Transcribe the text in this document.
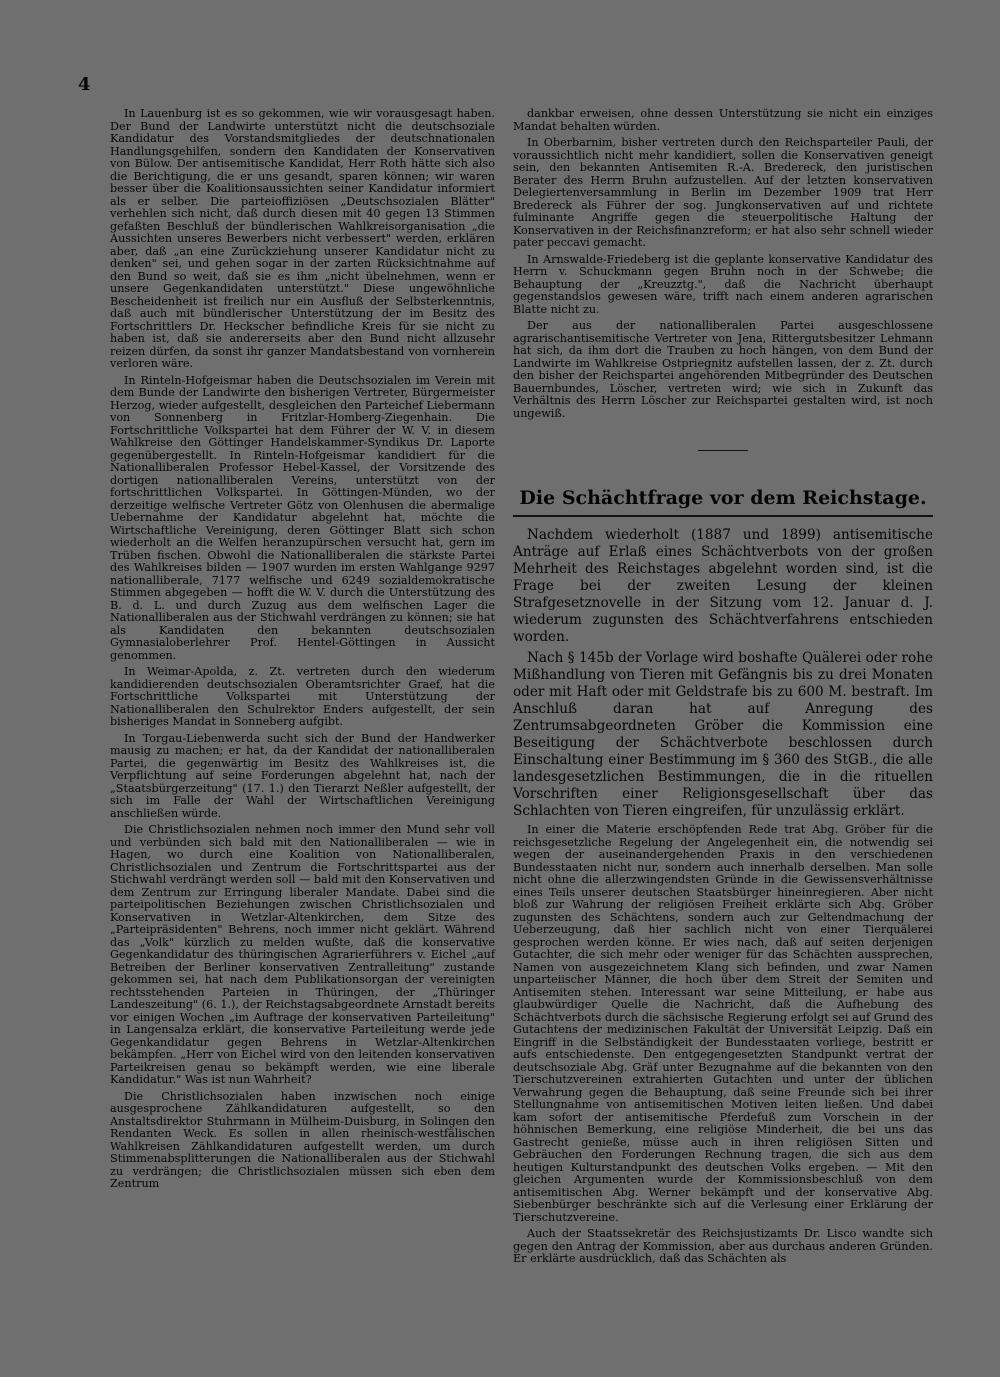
4

In Lauenburg ist es so gekommen, wie wir vorausgesagt haben. Der Bund der Landwirte unterstützt nicht die deutschsoziale Kandidatur des Vorstandsmitgliedes der deutschnationalen Handlungsgehilfen, sondern den Kandidaten der Konservativen von Bülow. Der antisemitische Kandidat, Herr Roth hätte sich also die Berichtigung, die er uns gesandt, sparen können; wir waren besser über die Koalitionsaussichten seiner Kandidatur informiert als er selber. Die parteioffiziösen „Deutschsozialen Blätter" verhehlen sich nicht, daß durch diesen mit 40 gegen 13 Stimmen gefaßten Beschluß der bündlerischen Wahlkreisorganisation „die Aussichten unseres Bewerbers nicht verbessert" werden, erklären aber, daß „an eine Zurückziehung unserer Kandidatur nicht zu denken" sei, und gehen sogar in der zarten Rücksichtnahme auf den Bund so weit, daß sie es ihm „nicht übelnehmen, wenn er unsere Gegenkandidaten unterstützt." Diese ungewöhnliche Bescheidenheit ist freilich nur ein Ausfluß der Selbsterkenntnis, daß auch mit bündlerischer Unterstützung der im Besitz des Fortschrittlers Dr. Heckscher befindliche Kreis für sie nicht zu haben ist, daß sie andererseits aber den Bund nicht allzusehr reizen dürfen, da sonst ihr ganzer Mandatsbestand von vornherein verloren wäre.

In Rinteln-Hofgeismar haben die Deutschsozialen im Verein mit dem Bunde der Landwirte den bisherigen Vertreter, Bürgermeister Herzog, wieder aufgestellt, desgleichen den Parteichef Liebermann von Sonnenberg in Fritzlar-Homberg-Ziegenhain. Die Fortschrittliche Volkspartei hat dem Führer der W. V. in diesem Wahlkreise den Göttinger Handelskammer-Syndikus Dr. Laporte gegenübergestellt. In Rinteln-Hofgeismar kandidiert für die Nationalliberalen Professor Hebel-Kassel, der Vorsitzende des dortigen nationalliberalen Vereins, unterstützt von der fortschrittlichen Volkspartei. In Göttingen-Münden, wo der derzeitige welfische Vertreter Götz von Olenhusen die abermalige Uebernahme der Kandidatur abgelehnt hat, möchte die Wirtschaftliche Vereinigung, deren Göttinger Blatt sich schon wiederholt an die Welfen heranzupürschen versucht hat, gern im Trüben fischen. Obwohl die Nationalliberalen die stärkste Partei des Wahlkreises bilden — 1907 wurden im ersten Wahlgange 9297 nationalliberale, 7177 welfische und 6249 sozialdemokratische Stimmen abgegeben — hofft die W. V. durch die Unterstützung des B. d. L. und durch Zuzug aus dem welfischen Lager die Nationalliberalen aus der Stichwahl verdrängen zu können; sie hat als Kandidaten den bekannten deutschsozialen Gymnasialoberlehrer Prof. Hentel-Göttingen in Aussicht genommen.

In Weimar-Apolda, z. Zt. vertreten durch den wiederum kandidierenden deutschsozialen Oberamtsrichter Graef, hat die Fortschrittliche Volkspartei mit Unterstützung der Nationalliberalen den Schulrektor Enders aufgestellt, der sein bisheriges Mandat in Sonneberg aufgibt.

In Torgau-Liebenwerda sucht sich der Bund der Handwerker mausig zu machen; er hat, da der Kandidat der nationalliberalen Partei, die gegenwärtig im Besitz des Wahlkreises ist, die Verpflichtung auf seine Forderungen abgelehnt hat, nach der „Staatsbürgerzeitung" (17. 1.) den Tierarzt Neßler aufgestellt, der sich im Falle der Wahl der Wirtschaftlichen Vereinigung anschließen würde.

Die Christlichsozialen nehmen noch immer den Mund sehr voll und verbünden sich bald mit den Nationalliberalen — wie in Hagen, wo durch eine Koalition von Nationalliberalen, Christlichsozialen und Zentrum die Fortschrittspartei aus der Stichwahl verdrängt werden soll — bald mit den Konservativen und dem Zentrum zur Erringung liberaler Mandate. Dabei sind die parteipolitischen Beziehungen zwischen Christlichsozialen und Konservativen in Wetzlar-Altenkirchen, dem Sitze des „Parteipräsidenten" Behrens, noch immer nicht geklärt. Während das „Volk" kürzlich zu melden wußte, daß die konservative Gegenkandidatur des thüringischen Agrarierführers v. Eichel „auf Betreiben der Berliner konservativen Zentralleitung" zustande gekommen sei, hat nach dem Publikationsorgan der vereinigten rechtsstehenden Parteien in Thüringen, der „Thüringer Landeszeitung" (6. 1.), der Reichstagsabgeordnete Arnstadt bereits vor einigen Wochen „im Auftrage der konservativen Parteileitung" in Langensalza erklärt, die konservative Parteileitung werde jede Gegenkandidatur gegen Behrens in Wetzlar-Altenkirchen bekämpfen. „Herr von Eichel wird von den leitenden konservativen Parteikreisen genau so bekämpft werden, wie eine liberale Kandidatur." Was ist nun Wahrheit?

Die Christlichsozialen haben inzwischen noch einige ausgesprochene Zählkandidaturen aufgestellt, so den Anstaltsdirektor Stuhrmann in Mülheim-Duisburg, in Solingen den Rendanten Weck. Es sollen in allen rheinisch-westfälischen Wahlkreisen Zählkandidaturen aufgestellt werden, um durch Stimmenabsplitterungen die Nationalliberalen aus der Stichwahl zu verdrängen; die Christlichsozialen müssen sich eben dem Zentrum

dankbar erweisen, ohne dessen Unterstützung sie nicht ein einziges Mandat behalten würden.

In Oberbarnim, bisher vertreten durch den Reichsparteiler Pauli, der voraussichtlich nicht mehr kandidiert, sollen die Konservativen geneigt sein, den bekannten Antisemiten R.-A. Bredereck, den juristischen Berater des Herrn Bruhn aufzustellen. Auf der letzten konservativen Delegiertenversammlung in Berlin im Dezember 1909 trat Herr Bredereck als Führer der sog. Jungkonservativen auf und richtete fulminante Angriffe gegen die steuerpolitische Haltung der Konservativen in der Reichsfinanzreform; er hat also sehr schnell wieder pater peccavi gemacht.

In Arnswalde-Friedeberg ist die geplante konservative Kandidatur des Herrn v. Schuckmann gegen Bruhn noch in der Schwebe; die Behauptung der „Kreuzztg.", daß die Nachricht überhaupt gegenstandslos gewesen wäre, trifft nach einem anderen agrarischen Blatte nicht zu.

Der aus der nationalliberalen Partei ausgeschlossene agrarischantisemitische Vertreter von Jena, Rittergutsbesitzer Lehmann hat sich, da ihm dort die Trauben zu hoch hängen, von dem Bund der Landwirte im Wahlkreise Ostpriegnitz aufstellen lassen, der z. Zt. durch den bisher der Reichspartei angehörenden Mitbegründer des Deutschen Bauernbundes, Löscher, vertreten wird; wie sich in Zukunft das Verhältnis des Herrn Löscher zur Reichspartei gestalten wird, ist noch ungewiß.

Die Schächtfrage vor dem Reichstage.

Nachdem wiederholt (1887 und 1899) antisemitische Anträge auf Erlaß eines Schächtverbots von der großen Mehrheit des Reichstages abgelehnt worden sind, ist die Frage bei der zweiten Lesung der kleinen Strafgesetznovelle in der Sitzung vom 12. Januar d. J. wiederum zugunsten des Schächtverfahrens entschieden worden.

Nach § 145b der Vorlage wird boshafte Quälerei oder rohe Mißhandlung von Tieren mit Gefängnis bis zu drei Monaten oder mit Haft oder mit Geldstrafe bis zu 600 M. bestraft. Im Anschluß daran hat auf Anregung des Zentrumsabgeordneten Gröber die Kommission eine Beseitigung der Schächtverbote beschlossen durch Einschaltung einer Bestimmung im § 360 des StGB., die alle landesgesetzlichen Bestimmungen, die in die rituellen Vorschriften einer Religionsgesellschaft über das Schlachten von Tieren eingreifen, für unzulässig erklärt.

In einer die Materie erschöpfenden Rede trat Abg. Gröber für die reichsgesetzliche Regelung der Angelegenheit ein, die notwendig sei wegen der auseinandergehenden Praxis in den verschiedenen Bundesstaaten nicht nur, sondern auch innerhalb derselben. Man solle nicht ohne die allerzwingendsten Gründe in die Gewissensverhältnisse eines Teils unserer deutschen Staatsbürger hineinregieren. Aber nicht bloß zur Wahrung der religiösen Freiheit erklärte sich Abg. Gröber zugunsten des Schächtens, sondern auch zur Geltendmachung der Ueberzeugung, daß hier sachlich nicht von einer Tierquälerei gesprochen werden könne. Er wies nach, daß auf seiten derjenigen Gutachter, die sich mehr oder weniger für das Schächten aussprechen, Namen von ausgezeichnetem Klang sich befinden, und zwar Namen unparteiischer Männer, die hoch über dem Streit der Semiten und Antisemiten stehen. Interessant war seine Mitteilung, er habe aus glaubwürdiger Quelle die Nachricht, daß die Aufhebung des Schächtverbots durch die sächsische Regierung erfolgt sei auf Grund des Gutachtens der medizinischen Fakultät der Universität Leipzig. Daß ein Eingriff in die Selbständigkeit der Bundesstaaten vorliege, bestritt er aufs entschiedenste. Den entgegengesetzten Standpunkt vertrat der deutschsoziale Abg. Gräf unter Bezugnahme auf die bekannten von den Tierschutzvereinen extrahierten Gutachten und unter der üblichen Verwahrung gegen die Behauptung, daß seine Freunde sich bei ihrer Stellungnahme von antisemitischen Motiven leiten ließen. Und dabei kam sofort der antisemitische Pferdefuß zum Vorschein in der höhnischen Bemerkung, eine religiöse Minderheit, die bei uns das Gastrecht genieße, müsse auch in ihren religiösen Sitten und Gebräuchen den Forderungen Rechnung tragen, die sich aus dem heutigen Kulturstandpunkt des deutschen Volks ergeben. — Mit den gleichen Argumenten wurde der Kommissionsbeschluß von dem antisemitischen Abg. Werner bekämpft und der konservative Abg. Siebenbürger beschränkte sich auf die Verlesung einer Erklärung der Tierschutzvereine.

Auch der Staatssekretär des Reichsjustizamts Dr. Lisco wandte sich gegen den Antrag der Kommission, aber aus durchaus anderen Gründen. Er erklärte ausdrücklich, daß das Schächten als
